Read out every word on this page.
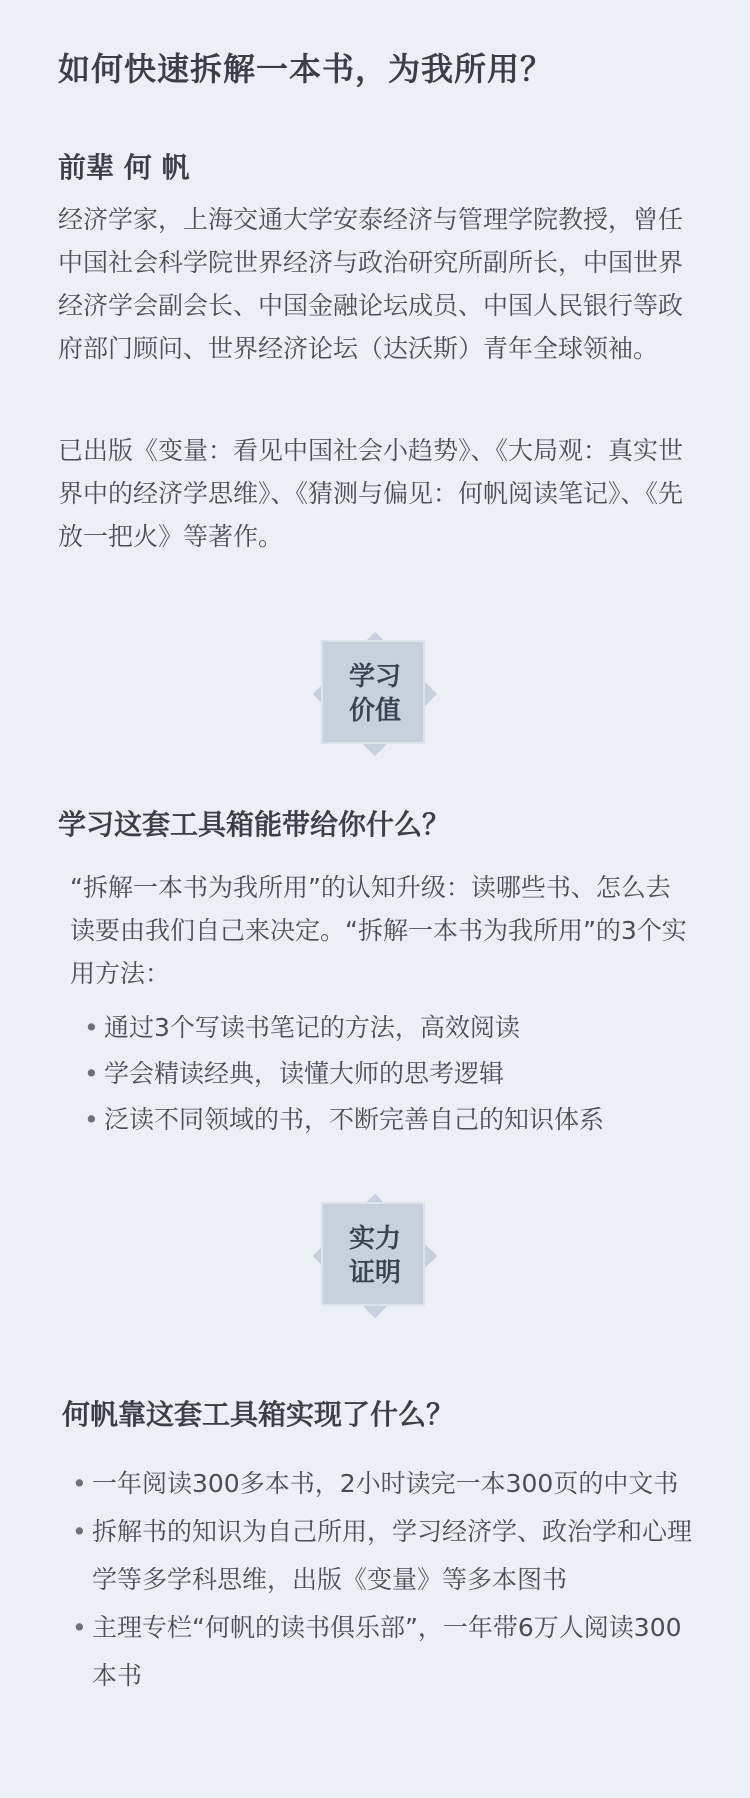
如何快速拆解一本书，为我所用？
前辈 何 帆
经济学家，上海交通大学安泰经济与管理学院教授，曾任中国社会科学院世界经济与政治研究所副所长，中国世界经济学会副会长、中国金融论坛成员、中国人民银行等政府部门顾问、世界经济论坛（达沃斯）青年全球领袖。
已出版《变量：看见中国社会小趋势》、《大局观：真实世界中的经济学思维》、《猜测与偏见：何帆阅读笔记》、《先放一把火》等著作。
学习
价值
学习这套工具箱能带给你什么？
“拆解一本书为我所用”的认知升级：读哪些书、怎么去读要由我们自己来决定。“拆解一本书为我所用”的3个实用方法：
• 通过3个写读书笔记的方法，高效阅读
• 学会精读经典，读懂大师的思考逻辑
• 泛读不同领域的书，不断完善自己的知识体系
实力
证明
何帆靠这套工具箱实现了什么？
• 一年阅读300多本书，2小时读完一本300页的中文书
• 拆解书的知识为自己所用，学习经济学、政治学和心理学等多学科思维，出版《变量》等多本图书
• 主理专栏“何帆的读书俱乐部”，一年带6万人阅读300本书
